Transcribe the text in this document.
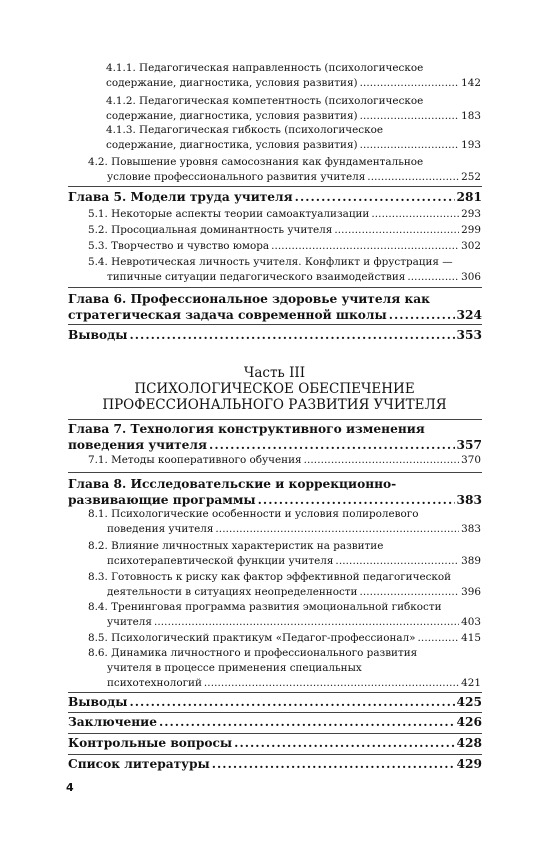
4.1.1. Педагогическая направленность (психологическое
содержание, диагностика, условия развития) . . .	142
4.1.2. Педагогическая компетентность (психологическое
содержание, диагностика, условия развития) . . .	183
4.1.3. Педагогическая гибкость (психологическое
содержание, диагностика, условия развития) . . .	193
4.2. Повышение уровня самосознания как фундаментальное
условие профессионального развития учителя . . .	252
Глава 5. Модели труда учителя . . .	281
5.1. Некоторые аспекты теории самоактуализации . . .	293
5.2. Просоциальная доминантность учителя . . .	299
5.3. Творчество и чувство юмора . . .	302
5.4. Невротическая личность учителя. Конфликт и фрустрация —
типичные ситуации педагогического взаимодействия . . .	306
Глава 6. Профессиональное здоровье учителя как
стратегическая задача современной школы . . .	324
Выводы . . .	353
Часть III
ПСИХОЛОГИЧЕСКОЕ ОБЕСПЕЧЕНИЕ
ПРОФЕССИОНАЛЬНОГО РАЗВИТИЯ УЧИТЕЛЯ
Глава 7. Технология конструктивного изменения
поведения учителя . . .	357
7.1. Методы кооперативного обучения . . .	370
Глава 8. Исследовательские и коррекционно-
развивающие программы . . .	383
8.1. Психологические особенности и условия полиролевого
поведения учителя . . .	383
8.2. Влияние личностных характеристик на развитие
психотерапевтической функции учителя . . .	389
8.3. Готовность к риску как фактор эффективной педагогической
деятельности в ситуациях неопределенности . . .	396
8.4. Тренинговая программа развития эмоциональной гибкости
учителя . . .	403
8.5. Психологический практикум «Педагог-профессионал» . . .	415
8.6. Динамика личностного и профессионального развития
учителя в процессе применения специальных
психотехнологий . . .	421
Выводы . . .	425
Заключение . . .	426
Контрольные вопросы . . .	428
Список литературы . . .	429
4
